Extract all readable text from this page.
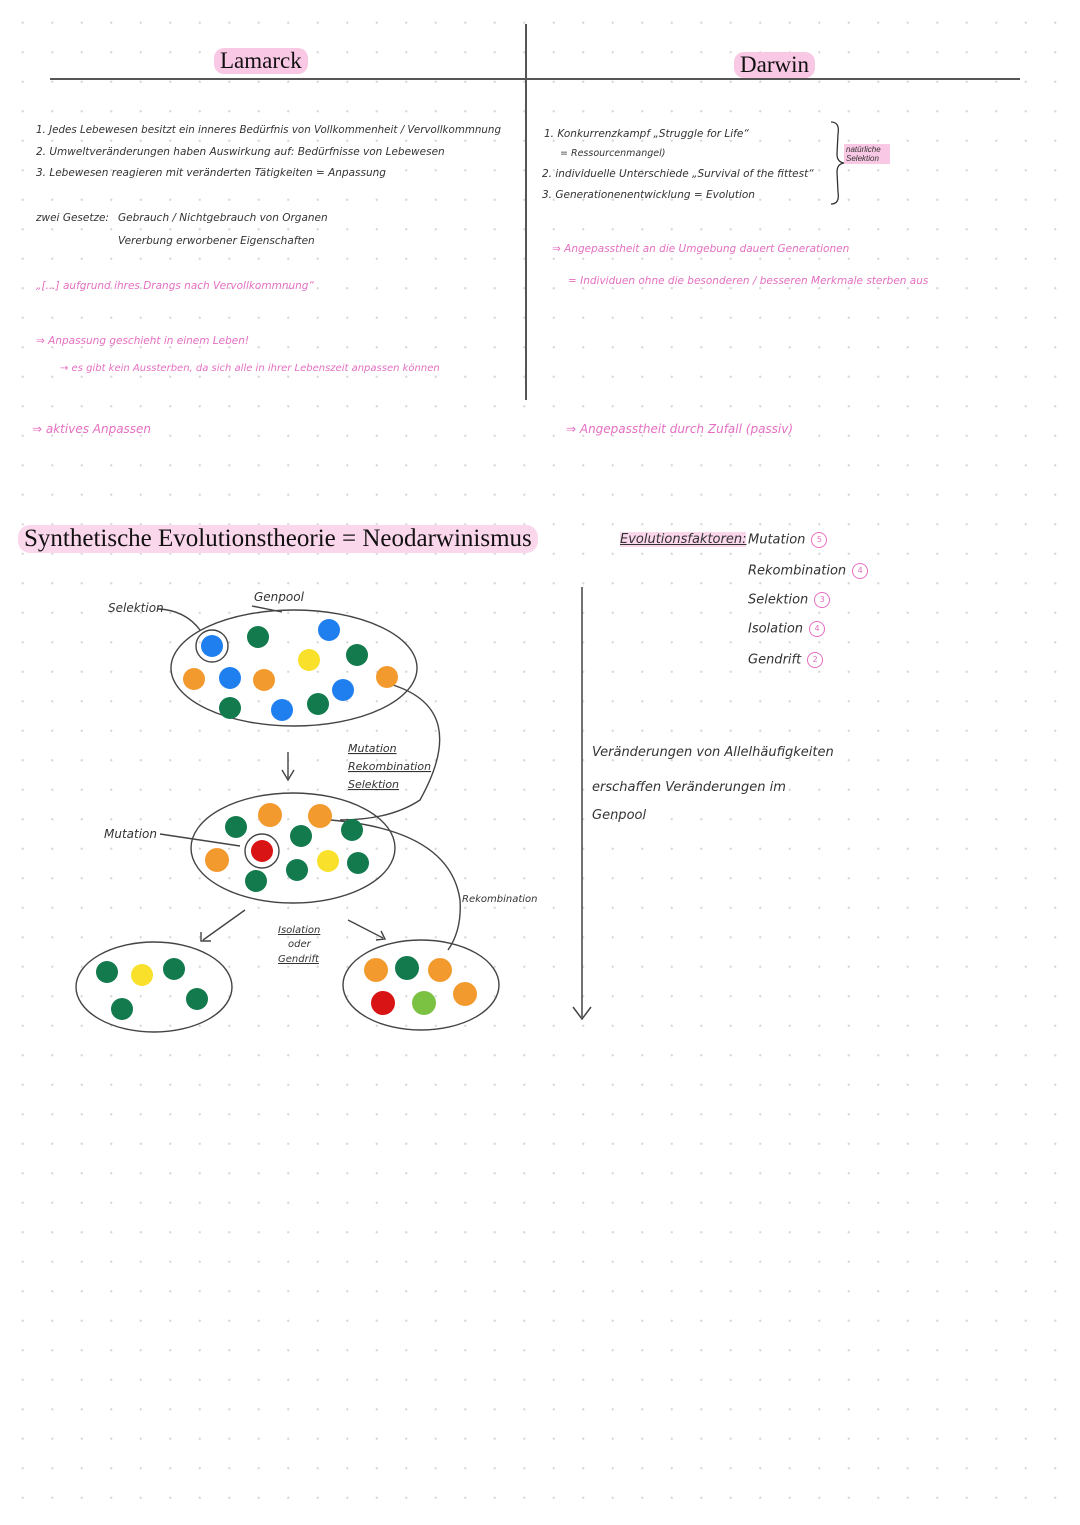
Lamarck	Darwin
1. Jedes Lebewesen besitzt ein inneres Bedürfnis von Vollkommenheit / Vervollkommnung
2. Umweltveränderungen haben Auswirkung auf: Bedürfnisse von Lebewesen
3. Lebewesen reagieren mit veränderten Tätigkeiten = Anpassung
zwei Gesetze: Gebrauch / Nichtgebrauch von Organen
Vererbung erworbener Eigenschaften
„[...] aufgrund ihres Drangs nach Vervollkommnung“
⇒ Anpassung geschieht in einem Leben!
→ es gibt kein Aussterben, da sich alle in ihrer Lebenszeit anpassen können
⇒ aktives Anpassen
1. Konkurrenzkampf „Struggle for Life“
= Ressourcenmangel)
2. individuelle Unterschiede „Survival of the fittest“
3. Generationenentwicklung = Evolution
natürliche Selektion
⇒ Angepasstheit an die Umgebung dauert Generationen
= Individuen ohne die besonderen / besseren Merkmale sterben aus
⇒ Angepasstheit durch Zufall (passiv)
Synthetische Evolutionstheorie = Neodarwinismus	Evolutionsfaktoren: Mutation 5
Rekombination 4
Selektion 3
Isolation 4
Gendrift 2
Veränderungen von Allelhäufigkeiten
erschaffen Veränderungen im
Genpool
Selektion
Genpool
Mutation
Rekombination
Selektion
Mutation
Isolation
oder
Gendrift
Rekombination
